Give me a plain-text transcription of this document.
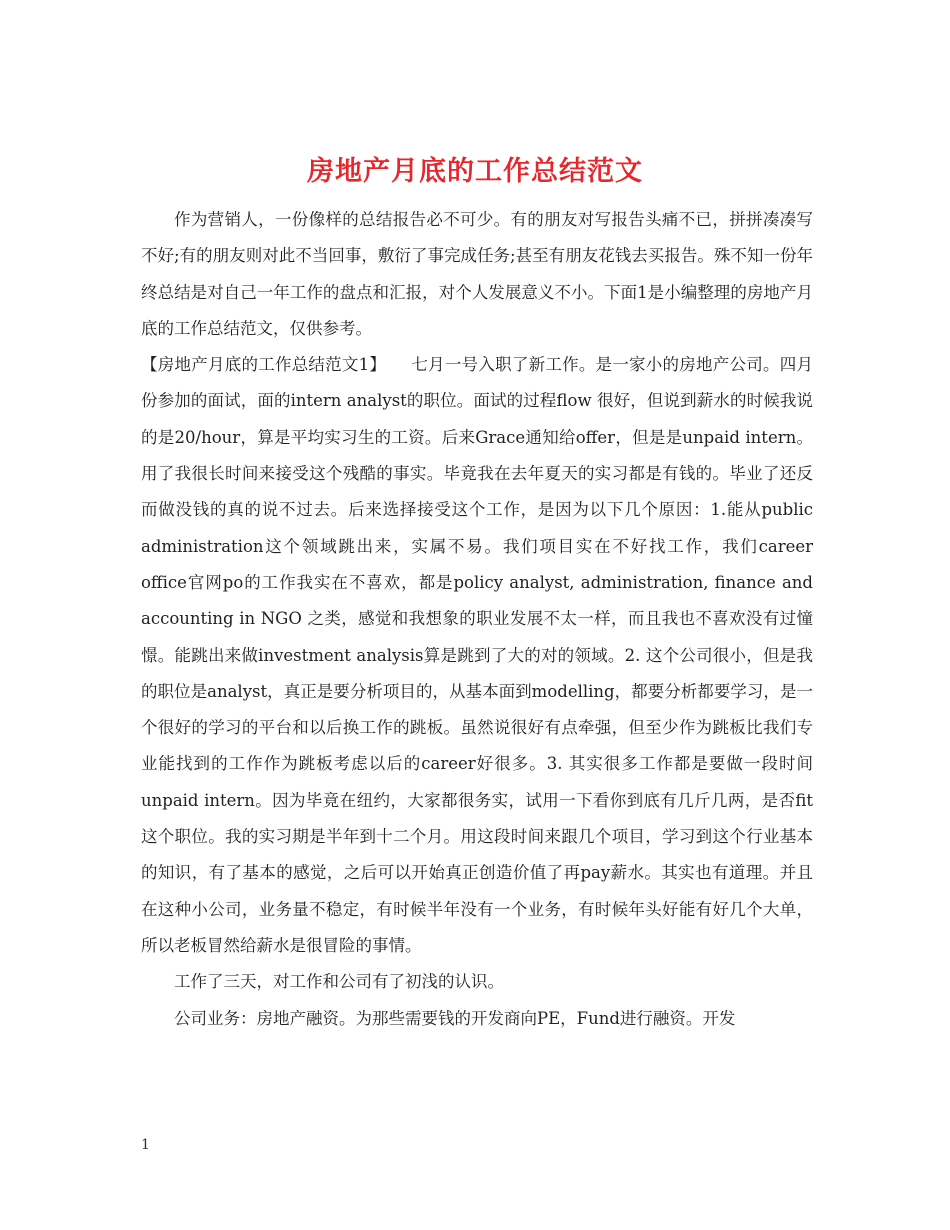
房地产月底的工作总结范文

作为营销人，一份像样的总结报告必不可少。有的朋友对写报告头痛不已，拼拼凑凑写不好;有的朋友则对此不当回事，敷衍了事完成任务;甚至有朋友花钱去买报告。殊不知一份年终总结是对自己一年工作的盘点和汇报，对个人发展意义不小。下面1是小编整理的房地产月底的工作总结范文，仅供参考。

【房地产月底的工作总结范文1】　　七月一号入职了新工作。是一家小的房地产公司。四月份参加的面试，面的intern analyst的职位。面试的过程flow 很好，但说到薪水的时候我说的是20/hour，算是平均实习生的工资。后来Grace通知给offer，但是是unpaid intern。用了我很长时间来接受这个残酷的事实。毕竟我在去年夏天的实习都是有钱的。毕业了还反而做没钱的真的说不过去。后来选择接受这个工作，是因为以下几个原因：1.能从public administration这个领域跳出来，实属不易。我们项目实在不好找工作，我们career office官网po的工作我实在不喜欢，都是policy analyst, administration, finance and accounting in NGO 之类，感觉和我想象的职业发展不太一样，而且我也不喜欢没有过憧憬。能跳出来做investment analysis算是跳到了大的对的领域。2. 这个公司很小，但是我的职位是analyst，真正是要分析项目的，从基本面到modelling，都要分析都要学习，是一个很好的学习的平台和以后换工作的跳板。虽然说很好有点牵强，但至少作为跳板比我们专业能找到的工作作为跳板考虑以后的career好很多。3. 其实很多工作都是要做一段时间unpaid intern。因为毕竟在纽约，大家都很务实，试用一下看你到底有几斤几两，是否fit这个职位。我的实习期是半年到十二个月。用这段时间来跟几个项目，学习到这个行业基本的知识，有了基本的感觉，之后可以开始真正创造价值了再pay薪水。其实也有道理。并且在这种小公司，业务量不稳定，有时候半年没有一个业务，有时候年头好能有好几个大单，所以老板冒然给薪水是很冒险的事情。

工作了三天，对工作和公司有了初浅的认识。

公司业务：房地产融资。为那些需要钱的开发商向PE，Fund进行融资。开发

1
